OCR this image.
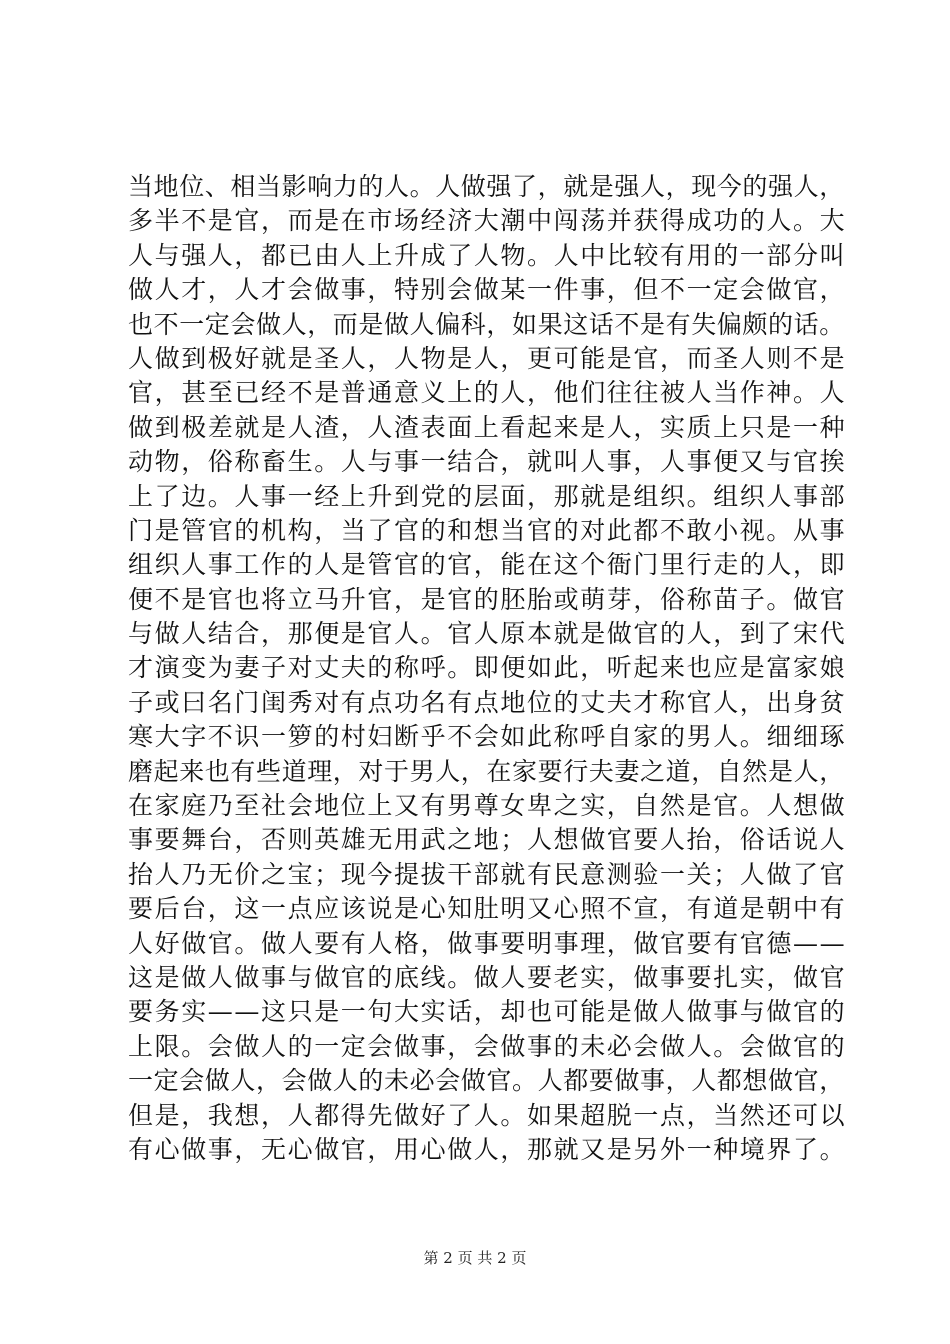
当地位、相当影响力的人。人做强了，就是强人，现今的强人，
多半不是官，而是在市场经济大潮中闯荡并获得成功的人。大
人与强人，都已由人上升成了人物。人中比较有用的一部分叫
做人才，人才会做事，特别会做某一件事，但不一定会做官，
也不一定会做人，而是做人偏科，如果这话不是有失偏颇的话。
人做到极好就是圣人，人物是人，更可能是官，而圣人则不是
官，甚至已经不是普通意义上的人，他们往往被人当作神。人
做到极差就是人渣，人渣表面上看起来是人，实质上只是一种
动物，俗称畜生。人与事一结合，就叫人事，人事便又与官挨
上了边。人事一经上升到党的层面，那就是组织。组织人事部
门是管官的机构，当了官的和想当官的对此都不敢小视。从事
组织人事工作的人是管官的官，能在这个衙门里行走的人，即
便不是官也将立马升官，是官的胚胎或萌芽，俗称苗子。做官
与做人结合，那便是官人。官人原本就是做官的人，到了宋代
才演变为妻子对丈夫的称呼。即便如此，听起来也应是富家娘
子或曰名门闺秀对有点功名有点地位的丈夫才称官人，出身贫
寒大字不识一箩的村妇断乎不会如此称呼自家的男人。细细琢
磨起来也有些道理，对于男人，在家要行夫妻之道，自然是人，
在家庭乃至社会地位上又有男尊女卑之实，自然是官。人想做
事要舞台，否则英雄无用武之地；人想做官要人抬，俗话说人
抬人乃无价之宝；现今提拔干部就有民意测验一关；人做了官
要后台，这一点应该说是心知肚明又心照不宣，有道是朝中有
人好做官。做人要有人格，做事要明事理，做官要有官德——
这是做人做事与做官的底线。做人要老实，做事要扎实，做官
要务实——这只是一句大实话，却也可能是做人做事与做官的
上限。会做人的一定会做事，会做事的未必会做人。会做官的
一定会做人，会做人的未必会做官。人都要做事，人都想做官，
但是，我想，人都得先做好了人。如果超脱一点，当然还可以
有心做事，无心做官，用心做人，那就又是另外一种境界了。
第 2 页 共 2 页
